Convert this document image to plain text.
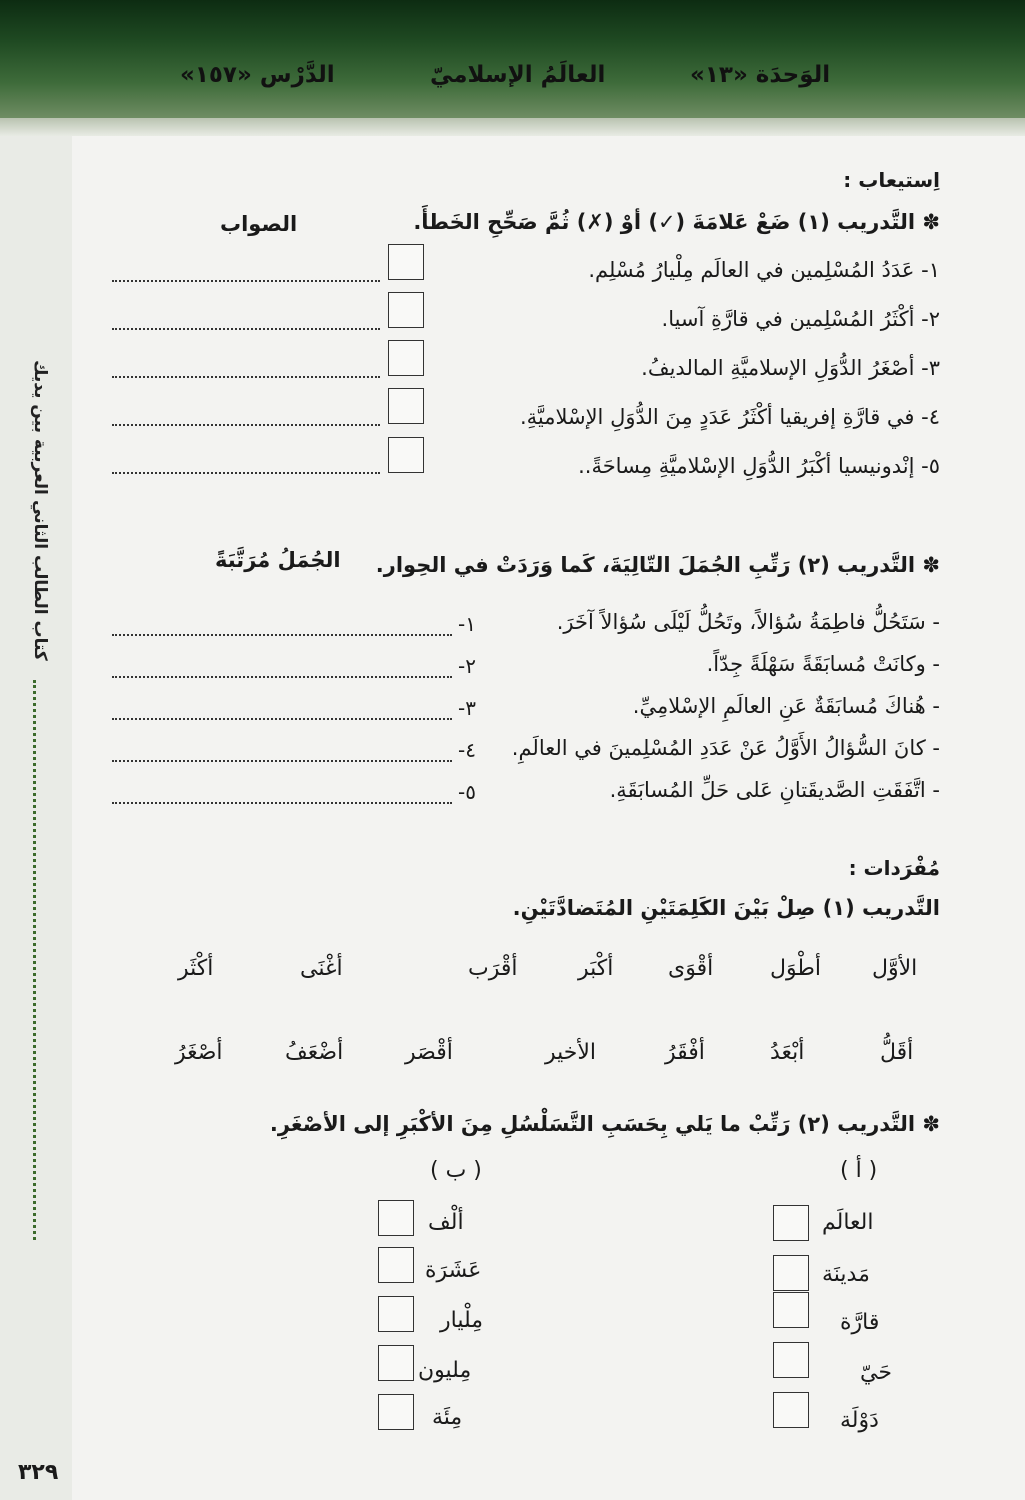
الوَحدَة «١٣»
العالَمُ الإسلاميّ
الدَّرْس «١٥٧»
العربية بين يديك
كتاب الطالب الثاني
اِستيعاب :
✽ التَّدريب (١) ضَعْ عَلامَةَ (✓) أوْ (✗) ثُمَّ صَحِّحِ الخَطأَ.
الصواب
١- عَدَدُ المُسْلِمين في العالَم مِلْيارُ مُسْلِم.
٢- أكْثَرُ المُسْلِمين في قارَّةِ آسيا.
٣- أصْغَرُ الدُّوَلِ الإسلاميَّةِ المالديفُ.
٤- في قارَّةِ إفريقيا أكْثَرُ عَدَدٍ مِنَ الدُّوَلِ الإسْلاميَّةِ.
٥- إنْدونيسيا أكْبَرُ الدُّوَلِ الإسْلاميَّةِ مِساحَةً..
✽ التَّدريب (٢) رَتِّبِ الجُمَلَ التّالِيَةَ، كَما وَرَدَتْ في الحِوار.
الجُمَلُ مُرَتَّبَةً
- سَتَحُلُّ فاطِمَةُ سُؤالاً، وتَحُلُّ لَيْلَى سُؤالاً آخَرَ.
- وكانَتْ مُسابَقَةً سَهْلَةً جِدّاً.
- هُناكَ مُسابَقَةٌ عَنِ العالَمِ الإسْلامِيِّ.
- كانَ السُّؤالُ الأَوَّلُ عَنْ عَدَدِ المُسْلِمينَ في العالَمِ.
- اتَّفَقَتِ الصَّديقَتانِ عَلى حَلِّ المُسابَقَةِ.
١-
٢-
٣-
٤-
٥-
مُفْرَدات :
التَّدريب (١) صِلْ بَيْنَ الكَلِمَتَيْنِ المُتَضادَّتَيْنِ.
الأوَّل
أطْوَل
أقْوَى
أكْبَر
أقْرَب
أغْنَى
أكْثَر
أقَلُّ
أبْعَدُ
أفْقَرُ
الأخير
أقْصَر
أضْعَفُ
أصْغَرُ
✽ التَّدريب (٢) رَتِّبْ ما يَلي بِحَسَبِ التَّسَلْسُلِ مِنَ الأكْبَرِ إلى الأصْغَرِ.
( أ )
( ب )
العالَم
مَدينَة
قارَّة
حَيّ
دَوْلَة
ألْف
عَشَرَة
مِلْيار
مِليون
مِئَة
٣٢٩
